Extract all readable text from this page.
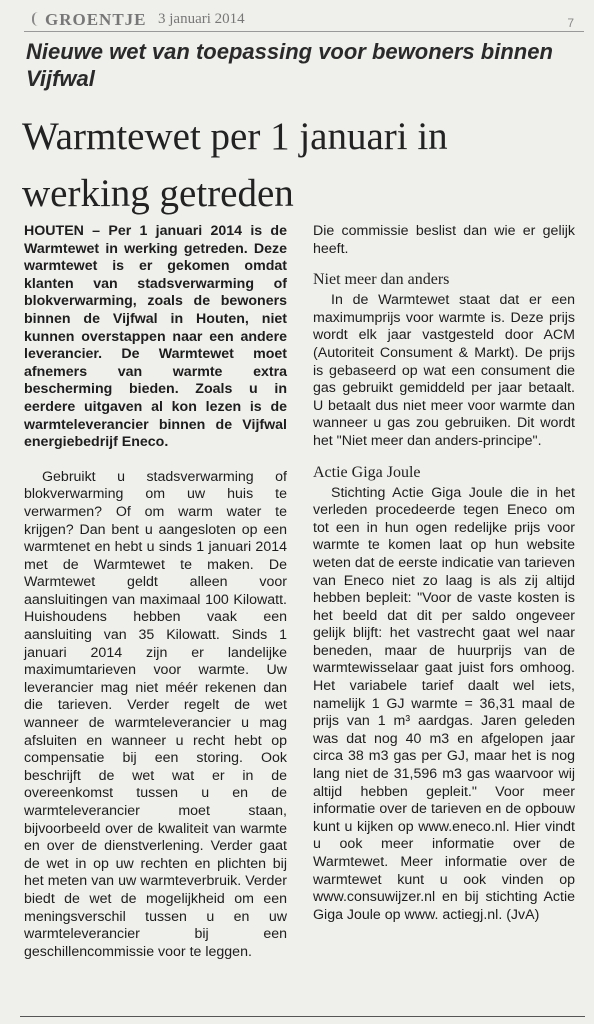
GROENTJE 3 januari 2014	7
Nieuwe wet van toepassing voor bewoners binnen Vijfwal
Warmtewet per 1 januari in werking getreden

HOUTEN – Per 1 januari 2014 is de Warmtewet in werking getreden. Deze warmtewet is er gekomen omdat klanten van stadsverwarming of blokverwarming, zoals de bewoners binnen de Vijfwal in Houten, niet kunnen overstappen naar een andere leverancier. De Warmtewet moet afnemers van warmte extra bescherming bieden. Zoals u in eerdere uitgaven al kon lezen is de warmteleverancier binnen de Vijfwal energiebedrijf Eneco.

Gebruikt u stadsverwarming of blokverwarming om uw huis te verwarmen? Of om warm water te krijgen? Dan bent u aangesloten op een warmtenet en hebt u sinds 1 januari 2014 met de Warmtewet te maken. De Warmtewet geldt alleen voor aansluitingen van maximaal 100 Kilowatt. Huishoudens hebben vaak een aansluiting van 35 Kilowatt. Sinds 1 januari 2014 zijn er landelijke maximumtarieven voor warmte. Uw leverancier mag niet méér rekenen dan die tarieven. Verder regelt de wet wanneer de warmteleverancier u mag afsluiten en wanneer u recht hebt op compensatie bij een storing. Ook beschrijft de wet wat er in de overeenkomst tussen u en de warmteleverancier moet staan, bijvoorbeeld over de kwaliteit van warmte en over de dienstverlening. Verder gaat de wet in op uw rechten en plichten bij het meten van uw warmteverbruik. Verder biedt de wet de mogelijkheid om een meningsverschil tussen u en uw warmteleverancier bij een geschillencommissie voor te leggen.

Die commissie beslist dan wie er gelijk heeft.

Niet meer dan anders

In de Warmtewet staat dat er een maximumprijs voor warmte is. Deze prijs wordt elk jaar vastgesteld door ACM (Autoriteit Consument & Markt). De prijs is gebaseerd op wat een consument die gas gebruikt gemiddeld per jaar betaalt. U betaalt dus niet meer voor warmte dan wanneer u gas zou gebruiken. Dit wordt het "Niet meer dan anders-principe".

Actie Giga Joule

Stichting Actie Giga Joule die in het verleden procedeerde tegen Eneco om tot een in hun ogen redelijke prijs voor warmte te komen laat op hun website weten dat de eerste indicatie van tarieven van Eneco niet zo laag is als zij altijd hebben bepleit: "Voor de vaste kosten is het beeld dat dit per saldo ongeveer gelijk blijft: het vastrecht gaat wel naar beneden, maar de huurprijs van de warmtewisselaar gaat juist fors omhoog. Het variabele tarief daalt wel iets, namelijk 1 GJ warmte = 36,31 maal de prijs van 1 m³ aardgas. Jaren geleden was dat nog 40 m3 en afgelopen jaar circa 38 m3 gas per GJ, maar het is nog lang niet de 31,596 m3 gas waarvoor wij altijd hebben gepleit." Voor meer informatie over de tarieven en de opbouw kunt u kijken op www.eneco.nl. Hier vindt u ook meer informatie over de Warmtewet. Meer informatie over de warmtewet kunt u ook vinden op www.consuwijzer.nl en bij stichting Actie Giga Joule op www. actiegj.nl. (JvA)
